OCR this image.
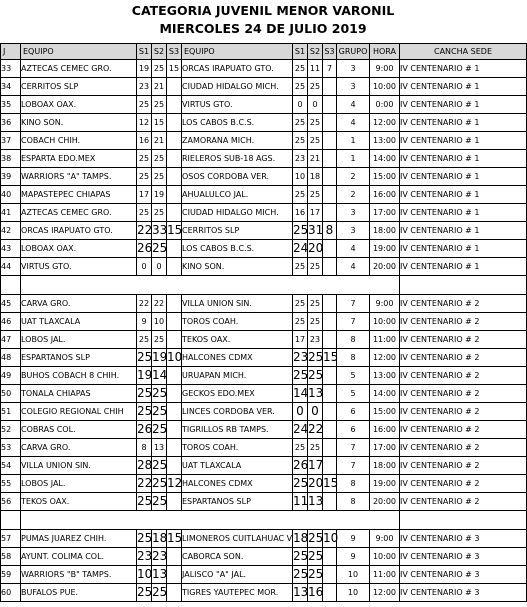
CATEGORIA JUVENIL MENOR VARONIL
MIERCOLES 24 DE JULIO 2019
J	EQUIPO	S1	S2	S3	EQUIPO	S1	S2	S3	GRUPO	HORA	CANCHA SEDE
33	AZTECAS CEMEC GRO.	19	25	15	ORCAS IRAPUATO GTO.	25	11	7	3	9:00	IV CENTENARIO # 1
34	CERRITOS SLP	23	21		CIUDAD HIDALGO MICH.	25	25		3	10:00	IV CENTENARIO # 1
35	LOBOAX OAX.	25	25		VIRTUS GTO.	0	0		4	0:00	IV CENTENARIO # 1
36	KINO SON.	12	15		LOS CABOS B.C.S.	25	25		4	12:00	IV CENTENARIO # 1
37	COBACH CHIH.	16	21		ZAMORANA MICH.	25	25		1	13:00	IV CENTENARIO # 1
38	ESPARTA EDO.MEX	25	25		RIELEROS SUB-18 AGS.	23	21		1	14:00	IV CENTENARIO # 1
39	WARRIORS "A" TAMPS.	25	25		OSOS CORDOBA VER.	10	18		2	15:00	IV CENTENARIO # 1
40	MAPASTEPEC CHIAPAS	17	19		AHUALULCO JAL.	25	25		2	16:00	IV CENTENARIO # 1
41	AZTECAS CEMEC GRO.	25	25		CIUDAD HIDALGO MICH.	16	17		3	17:00	IV CENTENARIO # 1
42	ORCAS IRAPUATO GTO.	22	33	15	CERRITOS SLP	25	31	8	3	18:00	IV CENTENARIO # 1
43	LOBOAX OAX.	26	25		LOS CABOS B.C.S.	24	20		4	19:00	IV CENTENARIO # 1
44	VIRTUS GTO.	0	0		KINO SON.	25	25		4	20:00	IV CENTENARIO # 1

45	CARVA GRO.	22	22		VILLA UNION SIN.	25	25		7	9:00	IV CENTENARIO # 2
46	UAT TLAXCALA	9	10		TOROS COAH.	25	25		7	10:00	IV CENTENARIO # 2
47	LOBOS JAL.	25	25		TEKOS OAX.	17	23		8	11:00	IV CENTENARIO # 2
48	ESPARTANOS SLP	25	19	10	HALCONES CDMX	23	25	15	8	12:00	IV CENTENARIO # 2
49	BUHOS COBACH 8 CHIH.	19	14		URUAPAN MICH.	25	25		5	13:00	IV CENTENARIO # 2
50	TONALA CHIAPAS	25	25		GECKOS EDO.MEX	14	13		5	14:00	IV CENTENARIO # 2
51	COLEGIO REGIONAL CHIH	25	25		LINCES CORDOBA VER.	0	0		6	15:00	IV CENTENARIO # 2
52	COBRAS COL.	26	25		TIGRILLOS RB TAMPS.	24	22		6	16:00	IV CENTENARIO # 2
53	CARVA GRO.	8	13		TOROS COAH.	25	25		7	17:00	IV CENTENARIO # 2
54	VILLA UNION SIN.	28	25		UAT TLAXCALA	26	17		7	18:00	IV CENTENARIO # 2
55	LOBOS JAL.	22	25	12	HALCONES CDMX	25	20	15	8	19:00	IV CENTENARIO # 2
56	TEKOS OAX.	25	25		ESPARTANOS SLP	11	13		8	20:00	IV CENTENARIO # 2

57	PUMAS JUAREZ CHIH.	25	18	15	LIMONEROS CUITLAHUAC V	18	25	10	9	9:00	IV CENTENARIO # 3
58	AYUNT. COLIMA COL.	23	23		CABORCA SON.	25	25		9	10:00	IV CENTENARIO # 3
59	WARRIORS "B" TAMPS.	10	13		JALISCO "A" JAL.	25	25		10	11:00	IV CENTENARIO # 3
60	BUFALOS PUE.	25	25		TIGRES YAUTEPEC MOR.	13	16		10	12:00	IV CENTENARIO # 3
